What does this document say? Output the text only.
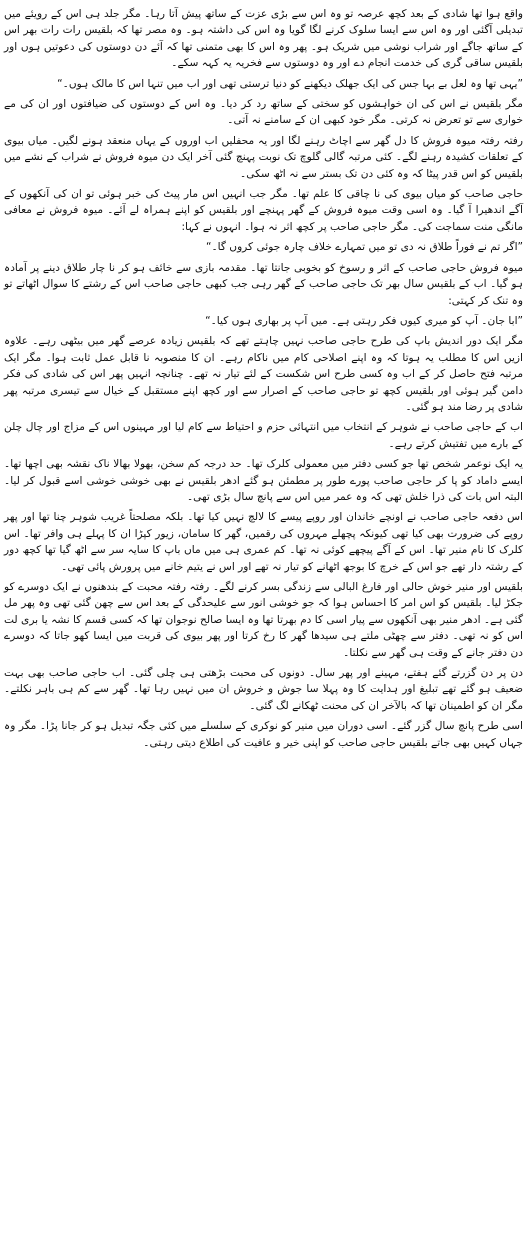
واقع ہوا تھا شادی کے بعد کچھ عرصہ تو وہ اس سے بڑی عزت کے ساتھ پیش آتا رہا۔ مگر جلد ہی اس کے رویئے میں تبدیلی آگئی اور وہ اس سے ایسا سلوک کرنے لگا گویا وہ اس کی داشتہ ہو۔ وہ مصر تھا کہ بلقیس رات رات بھر اس کے ساتھ جاگے اور شراب نوشی میں شریک ہو۔ پھر وہ اس کا بھی متمنی تھا کہ آئے دن دوستوں کی دعوتیں ہوں اور بلقیس ساقی گری کی خدمت انجام دے اور وہ دوستوں سے فخریہ یہ کہہ سکے۔

”یہی تھا وہ لعل بے بہا جس کی ایک جھلک دیکھنے کو دنیا ترستی تھی اور اب میں تنہا اس کا مالک ہوں۔“

مگر بلقیس نے اس کی ان خواہشوں کو سختی کے ساتھ رد کر دیا۔ وہ اس کے دوستوں کی ضیافتوں اور ان کی مے خواری سے تو تعرض نہ کرتی۔ مگر خود کبھی ان کے سامنے نہ آتی۔

رفتہ رفتہ میوہ فروش کا دل گھر سے اچاٹ رہنے لگا اور یہ محفلیں اب اوروں کے یہاں منعقد ہونے لگیں۔ میاں بیوی کے تعلقات کشیدہ رہنے لگے۔ کئی مرتبہ گالی گلوچ تک نوبت پہنچ گئی آخر ایک دن میوہ فروش نے شراب کے نشے میں بلقیس کو اس قدر پیٹا کہ وہ کئی دن تک بستر سے نہ اٹھ سکی۔

حاجی صاحب کو میاں بیوی کی نا چاقی کا علم تھا۔ مگر جب انہیں اس مار پیٹ کی خبر ہوئی تو ان کی آنکھوں کے آگے اندھیرا آ گیا۔ وہ اسی وقت میوہ فروش کے گھر پہنچے اور بلقیس کو اپنے ہمراہ لے آئے۔ میوہ فروش نے معافی مانگی منت سماجت کی۔ مگر حاجی صاحب پر کچھ اثر نہ ہوا۔ انہوں نے کہا:

”اگر تم نے فوراً طلاق نہ دی تو میں تمہارے خلاف چارہ جوئی کروں گا۔“

میوہ فروش حاجی صاحب کے اثر و رسوخ کو بخوبی جانتا تھا۔ مقدمہ بازی سے خائف ہو کر نا چار طلاق دینے پر آمادہ ہو گیا۔ اب کے بلقیس سال بھر تک حاجی صاحب کے گھر رہی جب کبھی حاجی صاحب اس کے رشتے کا سوال اٹھاتے تو وہ تنک کر کہتی:

”ابا جان۔ آپ کو میری کیوں فکر رہتی ہے۔ میں آپ پر بھاری ہوں کیا۔“

مگر ایک دور اندیش باپ کی طرح حاجی صاحب نہیں چاہتے تھے کہ بلقیس زیادہ عرصے گھر میں بیٹھی رہے۔ علاوہ ازیں اس کا مطلب یہ ہوتا کہ وہ اپنے اصلاحی کام میں ناکام رہے۔ ان کا منصوبہ نا قابل عمل ثابت ہوا۔ مگر ایک مرتبہ فتح حاصل کر کے اب وہ کسی طرح اس شکست کے لئے تیار نہ تھے۔ چنانچہ انہیں پھر اس کی شادی کی فکر دامن گیر ہوئی اور بلقیس کچھ تو حاجی صاحب کے اصرار سے اور کچھ اپنے مستقبل کے خیال سے تیسری مرتبہ پھر شادی پر رضا مند ہو گئی۔

اب کے حاجی صاحب نے شوہر کے انتخاب میں انتہائی حزم و احتیاط سے کام لیا اور مہینوں اس کے مزاج اور چال چلن کے بارے میں تفتیش کرتے رہے۔

یہ ایک نوعمر شخص تھا جو کسی دفتر میں معمولی کلرک تھا۔ حد درجہ کم سخن، بھولا بھالا ناک نقشہ بھی اچھا تھا۔ ایسے داماد کو پا کر حاجی صاحب پورے طور پر مطمئن ہو گئے ادھر بلقیس نے بھی خوشی خوشی اسے قبول کر لیا۔ البتہ اس بات کی ذرا خلش تھی کہ وہ عمر میں اس سے پانچ سال بڑی تھی۔

اس دفعہ حاجی صاحب نے اونچے خاندان اور روپے پیسے کا لالچ نہیں کیا تھا۔ بلکہ مصلحتاً غریب شوہر چنا تھا اور پھر روپے کی ضرورت بھی کیا تھی کیونکہ پچھلے مہروں کی رقمیں، گھر کا سامان، زیور کپڑا ان کا پہلے ہی وافر تھا۔ اس کلرک کا نام منیر تھا۔ اس کے آگے پیچھے کوئی نہ تھا۔ کم عمری ہی میں ماں باپ کا سایہ سر سے اٹھ گیا تھا کچھ دور کے رشتہ دار تھے جو اس کے خرچ کا بوجھ اٹھانے کو تیار نہ تھے اور اس نے یتیم خانے میں پرورش پائی تھی۔

بلقیس اور منیر خوش حالی اور فارغ البالی سے زندگی بسر کرنے لگے۔ رفتہ رفتہ محبت کے بندھنوں نے ایک دوسرے کو جکڑ لیا۔ بلقیس کو اس امر کا احساس ہوا کہ جو خوشی انور سے علیحدگی کے بعد اس سے چھن گئی تھی وہ پھر مل گئی ہے۔ ادھر منیر بھی آنکھوں سے پیار اسی کا دم بھرتا تھا وہ ایسا صالح نوجوان تھا کہ کسی قسم کا نشہ یا بری لت اس کو نہ تھی۔ دفتر سے چھٹی ملتے ہی سیدھا گھر کا رخ کرتا اور پھر بیوی کی قربت میں ایسا کھو جاتا کہ دوسرے دن دفتر جانے کے وقت ہی گھر سے نکلتا۔

دن پر دن گزرتے گئے ہفتے، مہینے اور پھر سال۔ دونوں کی محبت بڑھتی ہی چلی گئی۔ اب حاجی صاحب بھی بہت ضعیف ہو گئے تھے تبلیغ اور ہدایت کا وہ پہلا سا جوش و خروش ان میں نہیں رہا تھا۔ گھر سے کم ہی باہر نکلتے۔ مگر ان کو اطمینان تھا کہ بالآخر ان کی محنت ٹھکانے لگ گئی۔

اسی طرح پانچ سال گزر گئے۔ اسی دوران میں منیر کو نوکری کے سلسلے میں کئی جگہ تبدیل ہو کر جانا پڑا۔ مگر وہ جہاں کہیں بھی جاتے بلقیس حاجی صاحب کو اپنی خیر و عافیت کی اطلاع دیتی رہتی۔
